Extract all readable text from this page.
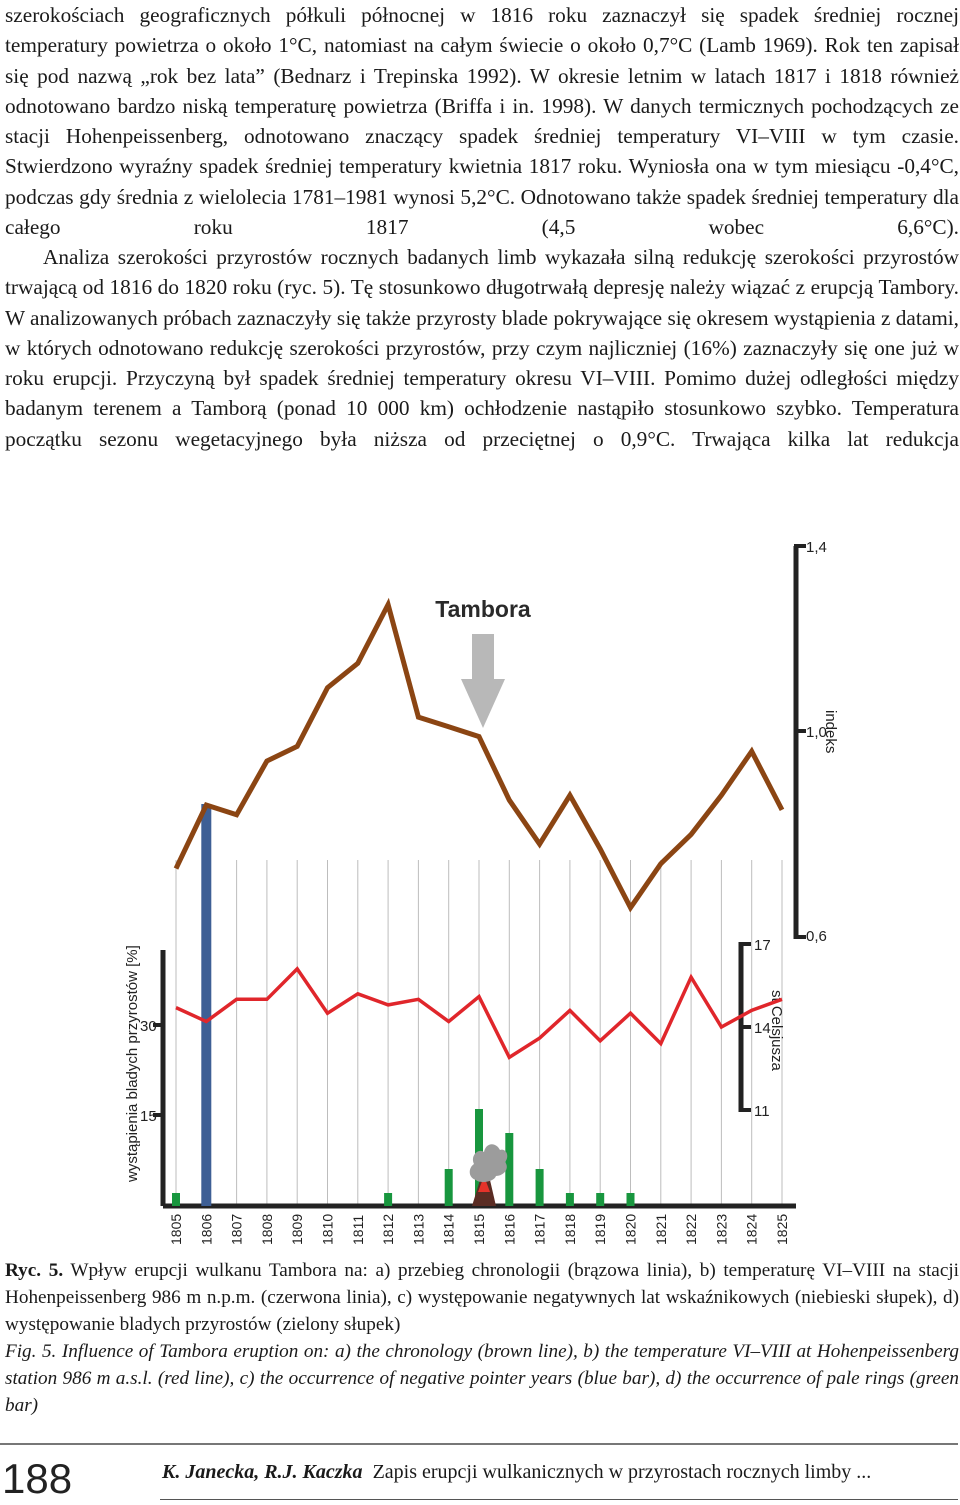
szerokościach geograficznych półkuli północnej w 1816 roku zaznaczył się spadek średniej rocznej temperatury powietrza o około 1°C, natomiast na całym świecie o około 0,7°C (Lamb 1969). Rok ten zapisał się pod nazwą „rok bez lata” (Bednarz i Trepinska 1992). W okresie letnim w latach 1817 i 1818 również odnotowano bardzo niską temperaturę powietrza (Briffa i in. 1998). W danych termicznych pochodzących ze stacji Hohenpeissenberg, odnotowano znaczący spadek średniej temperatury VI–VIII w tym czasie. Stwierdzono wyraźny spadek średniej temperatury kwietnia 1817 roku. Wyniosła ona w tym miesiącu -0,4°C, podczas gdy średnia z wielolecia 1781–1981 wynosi 5,2°C. Odnotowano także spadek średniej temperatury dla całego roku 1817 (4,5 wobec 6,6°C).

Analiza szerokości przyrostów rocznych badanych limb wykazała silną redukcję szerokości przyrostów trwającą od 1816 do 1820 roku (ryc. 5). Tę stosunkowo długotrwałą depresję należy wiązać z erupcją Tambory. W analizowanych próbach zaznaczyły się także przyrosty blade pokrywające się okresem wystąpienia z datami, w których odnotowano redukcję szerokości przyrostów, przy czym najliczniej (16%) zaznaczyły się one już w roku erupcji. Przyczyną był spadek średniej temperatury okresu VI–VIII. Pomimo dużej odległości między badanym terenem a Tamborą (ponad 10 000 km) ochłodzenie nastąpiło stosunkowo szybko. Temperatura początku sezonu wegetacyjnego była niższa od przeciętnej o 0,9°C. Trwająca kilka lat redukcja

1,4
1,0
0,6
indeks
17
14
11
st Celsjusza
30
15
wystąpienia bladych przyrostów [%]
Tambora
1805 1806 1807 1808 1809 1810 1811 1812 1813 1814 1815 1816 1817 1818 1819 1820 1821 1822 1823 1824 1825

Ryc. 5. Wpływ erupcji wulkanu Tambora na: a) przebieg chronologii (brązowa linia), b) temperaturę VI–VIII na stacji Hohenpeissenberg 986 m n.p.m. (czerwona linia), c) występowanie negatywnych lat wskaźnikowych (niebieski słupek), d) występowanie bladych przyrostów (zielony słupek)

Fig. 5. Influence of Tambora eruption on: a) the chronology (brown line), b) the temperature VI–VIII at Hohenpeissenberg station 986 m a.s.l. (red line), c) the occurrence of negative pointer years (blue bar), d) the occurrence of pale rings (green bar)

188	K. Janecka, R.J. Kaczka Zapis erupcji wulkanicznych w przyrostach rocznych limby ...
